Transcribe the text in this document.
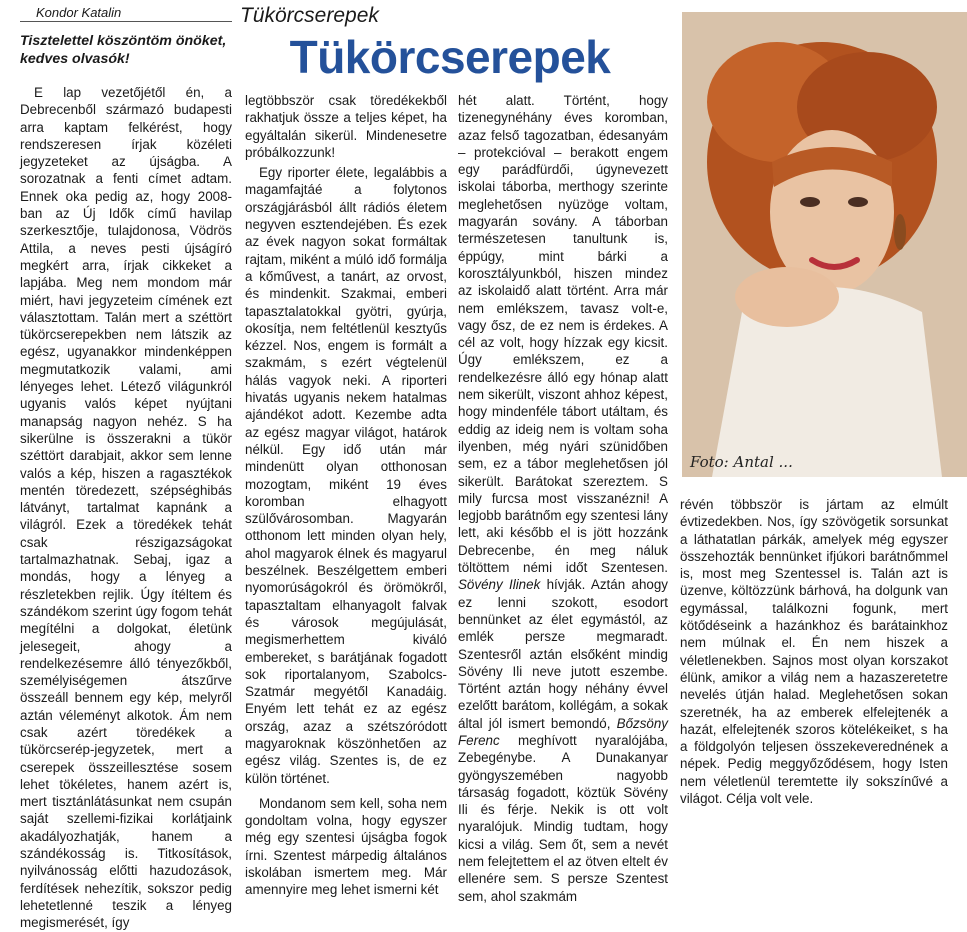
Kondor Katalin
Tisztelettel köszöntöm önöket, kedves olvasók!
Tükörcserepek
Tükörcserepek

E lap vezetőjétől én, a Debrecenből származó budapesti arra kaptam felkérést, hogy rendszeresen írjak közéleti jegyzeteket az újságba. A sorozatnak a fenti címet adtam. Ennek oka pedig az, hogy 2008-ban az Új Idők című havilap szerkesztője, tulajdonosa, Vödrös Attila, a neves pesti újságíró megkért arra, írjak cikkeket a lapjába. Meg nem mondom már miért, havi jegyzeteim címének ezt választottam. Talán mert a széttört tükörcserepekben nem látszik az egész, ugyanakkor mindenképpen megmutatkozik valami, ami lényeges lehet. Létező világunkról ugyanis valós képet nyújtani manapság nagyon nehéz. S ha sikerülne is összerakni a tükör széttört darabjait, akkor sem lenne valós a kép, hiszen a ragasztékok mentén töredezett, szépséghibás látványt, tartalmat kapnánk a világról. Ezek a töredékek tehát csak részigazságokat tartalmazhatnak. Sebaj, igaz a mondás, hogy a lényeg a részletekben rejlik. Úgy ítéltem és szándékom szerint úgy fogom tehát megítélni a dolgokat, életünk jelesegeit, ahogy a rendelkezésemre álló tényezőkből, személyiségemen átszűrve összeáll bennem egy kép, melyről aztán véleményt alkotok. Ám nem csak azért töredékek a tükörcserép-jegyzetek, mert a cserepek összeillesztése sosem lehet tökéletes, hanem azért is, mert tisztánlátásunkat nem csupán saját szellemi-fizikai korlátjaink akadályozhatják, hanem a szándékosság is. Titkosítások, nyilvánosság előtti hazudozások, ferdítések nehezítik, sokszor pedig lehetetlenné teszik a lényeg megismerését, így

legtöbbször csak töredékekből rakhatjuk össze a teljes képet, ha egyáltalán sikerül. Mindenesetre próbálkozzunk!

Egy riporter élete, legalábbis a magamfajtáé a folytonos országjárásból állt rádiós életem negyven esztendejében. És ezek az évek nagyon sokat formáltak rajtam, miként a múló idő formálja a kőművest, a tanárt, az orvost, és mindenkit. Szakmai, emberi tapasztalatokkal gyötri, gyúrja, okosítja, nem feltétlenül kesztyűs kézzel. Nos, engem is formált a szakmám, s ezért végtelenül hálás vagyok neki. A riporteri hivatás ugyanis nekem hatalmas ajándékot adott. Kezembe adta az egész magyar világot, határok nélkül. Egy idő után már mindenütt olyan otthonosan mozogtam, miként 19 éves koromban elhagyott szülővárosomban. Magyarán otthonom lett minden olyan hely, ahol magyarok élnek és magyarul beszélnek. Beszélgettem emberi nyomorúságokról és örömökről, tapasztaltam elhanyagolt falvak és városok megújulását, megismerhettem kiváló embereket, s barátjának fogadott sok riportalanyom, Szabolcs-Szatmár megyétől Kanadáig. Enyém lett tehát ez az egész ország, azaz a szétszóródott magyaroknak köszönhetően az egész világ. Szentes is, de ez külön történet.

Mondanom sem kell, soha nem gondoltam volna, hogy egyszer még egy szentesi újságba fogok írni. Szentest márpedig általános iskolában ismertem meg. Már amennyire meg lehet ismerni két

hét alatt. Történt, hogy tizenegynéhány éves koromban, azaz felső tagozatban, édesanyám – protekcióval – berakott engem egy parádfürdői, úgynevezett iskolai táborba, merthogy szerinte meglehetősen nyüzöge voltam, magyarán sovány. A táborban természetesen tanultunk is, éppúgy, mint bárki a korosztályunkból, hiszen mindez az iskolaidő alatt történt. Arra már nem emlékszem, tavasz volt-e, vagy ősz, de ez nem is érdekes. A cél az volt, hogy hízzak egy kicsit. Úgy emlékszem, ez a rendelkezésre álló egy hónap alatt nem sikerült, viszont ahhoz képest, hogy mindenféle tábort utáltam, és eddig az ideig nem is voltam soha ilyenben, még nyári szünidőben sem, ez a tábor meglehetősen jól sikerült. Barátokat szereztem. S mily furcsa most visszanézni! A legjobb barátnőm egy szentesi lány lett, aki később el is jött hozzánk Debrecenbe, én meg náluk töltöttem némi időt Szentesen. Sövény Ilinek hívják. Aztán ahogy ez lenni szokott, esodort bennünket az élet egymástól, az emlék persze megmaradt. Szentesről aztán elsőként mindig Sövény Ili neve jutott eszembe. Történt aztán hogy néhány évvel ezelőtt barátom, kollégám, a sokak által jól ismert bemondó, Bőzsöny Ferenc meghívott nyaralójába, Zebegénybe. A Dunakanyar gyöngyszemében nagyobb társaság fogadott, köztük Sövény Ili és férje. Nekik is ott volt nyaralójuk. Mindig tudtam, hogy kicsi a világ. Sem őt, sem a nevét nem felejtettem el az ötven eltelt év ellenére sem. S persze Szentest sem, ahol szakmám

Foto: Antal ...

révén többször is jártam az elmúlt évtizedekben. Nos, így szövögetik sorsunkat a láthatatlan párkák, amelyek még egyszer összehozták bennünket ifjúkori barátnőmmel is, most meg Szentessel is. Talán azt is üzenve, költözzünk bárhová, ha dolgunk van egymással, találkozni fogunk, mert kötődéseink a hazánkhoz és barátainkhoz nem múlnak el. Én nem hiszek a véletlenekben. Sajnos most olyan korszakot élünk, amikor a világ nem a hazaszeretetre nevelés útján halad. Meglehetősen sokan szeretnék, ha az emberek elfelejtenék a hazát, elfelejtenék szoros kötelékeiket, s ha a földgolyón teljesen összekeverednének a népek. Pedig meggyőződésem, hogy Isten nem véletlenül teremtette ily sokszínűvé a világot. Célja volt vele.
